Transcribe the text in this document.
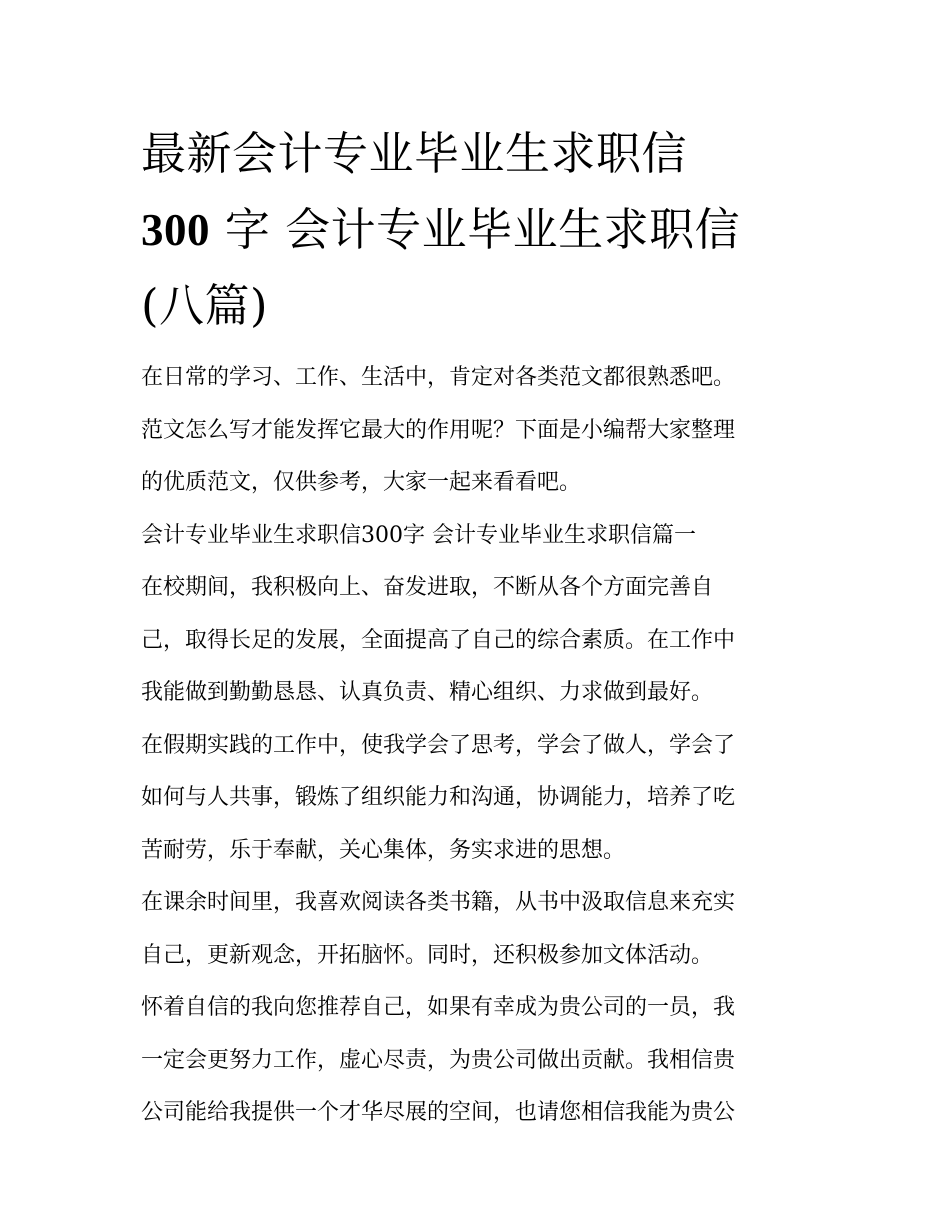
最新会计专业毕业生求职信
300 字 会计专业毕业生求职信
(八篇)
在日常的学习、工作、生活中，肯定对各类范文都很熟悉吧。
范文怎么写才能发挥它最大的作用呢？下面是小编帮大家整理
的优质范文，仅供参考，大家一起来看看吧。
会计专业毕业生求职信300字 会计专业毕业生求职信篇一
在校期间，我积极向上、奋发进取，不断从各个方面完善自
己，取得长足的发展，全面提高了自己的综合素质。在工作中
我能做到勤勤恳恳、认真负责、精心组织、力求做到最好。
在假期实践的工作中，使我学会了思考，学会了做人，学会了
如何与人共事，锻炼了组织能力和沟通，协调能力，培养了吃
苦耐劳，乐于奉献，关心集体，务实求进的思想。
在课余时间里，我喜欢阅读各类书籍，从书中汲取信息来充实
自己，更新观念，开拓脑怀。同时，还积极参加文体活动。
怀着自信的我向您推荐自己，如果有幸成为贵公司的一员，我
一定会更努力工作，虚心尽责，为贵公司做出贡献。我相信贵
公司能给我提供一个才华尽展的空间，也请您相信我能为贵公
